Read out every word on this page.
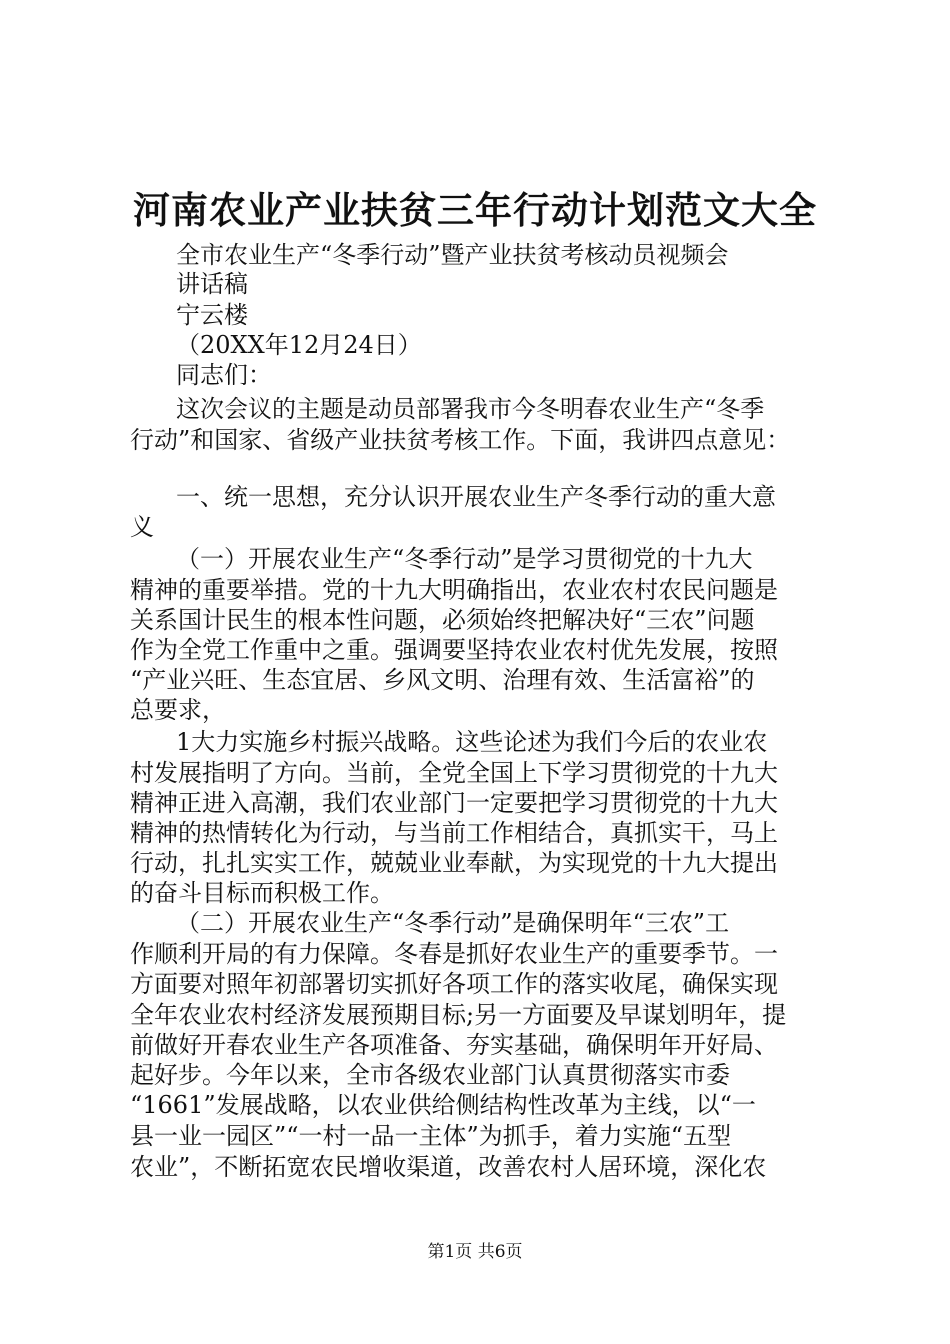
河南农业产业扶贫三年行动计划范文大全
全市农业生产“冬季行动”暨产业扶贫考核动员视频会
讲话稿
宁云楼
（20XX年12月24日）
同志们：
这次会议的主题是动员部署我市今冬明春农业生产“冬季
行动”和国家、省级产业扶贫考核工作。下面，我讲四点意见：
一、统一思想，充分认识开展农业生产冬季行动的重大意
义
（一）开展农业生产“冬季行动”是学习贯彻党的十九大
精神的重要举措。党的十九大明确指出，农业农村农民问题是
关系国计民生的根本性问题，必须始终把解决好“三农”问题
作为全党工作重中之重。强调要坚持农业农村优先发展，按照
“产业兴旺、生态宜居、乡风文明、治理有效、生活富裕”的
总要求，
1大力实施乡村振兴战略。这些论述为我们今后的农业农
村发展指明了方向。当前，全党全国上下学习贯彻党的十九大
精神正进入高潮，我们农业部门一定要把学习贯彻党的十九大
精神的热情转化为行动，与当前工作相结合，真抓实干，马上
行动，扎扎实实工作，兢兢业业奉献，为实现党的十九大提出
的奋斗目标而积极工作。
（二）开展农业生产“冬季行动”是确保明年“三农”工
作顺利开局的有力保障。冬春是抓好农业生产的重要季节。一
方面要对照年初部署切实抓好各项工作的落实收尾，确保实现
全年农业农村经济发展预期目标;另一方面要及早谋划明年，提
前做好开春农业生产各项准备、夯实基础，确保明年开好局、
起好步。今年以来，全市各级农业部门认真贯彻落实市委
“1661”发展战略，以农业供给侧结构性改革为主线，以“一
县一业一园区”“一村一品一主体”为抓手，着力实施“五型
农业”，不断拓宽农民增收渠道，改善农村人居环境，深化农
第1页 共6页
